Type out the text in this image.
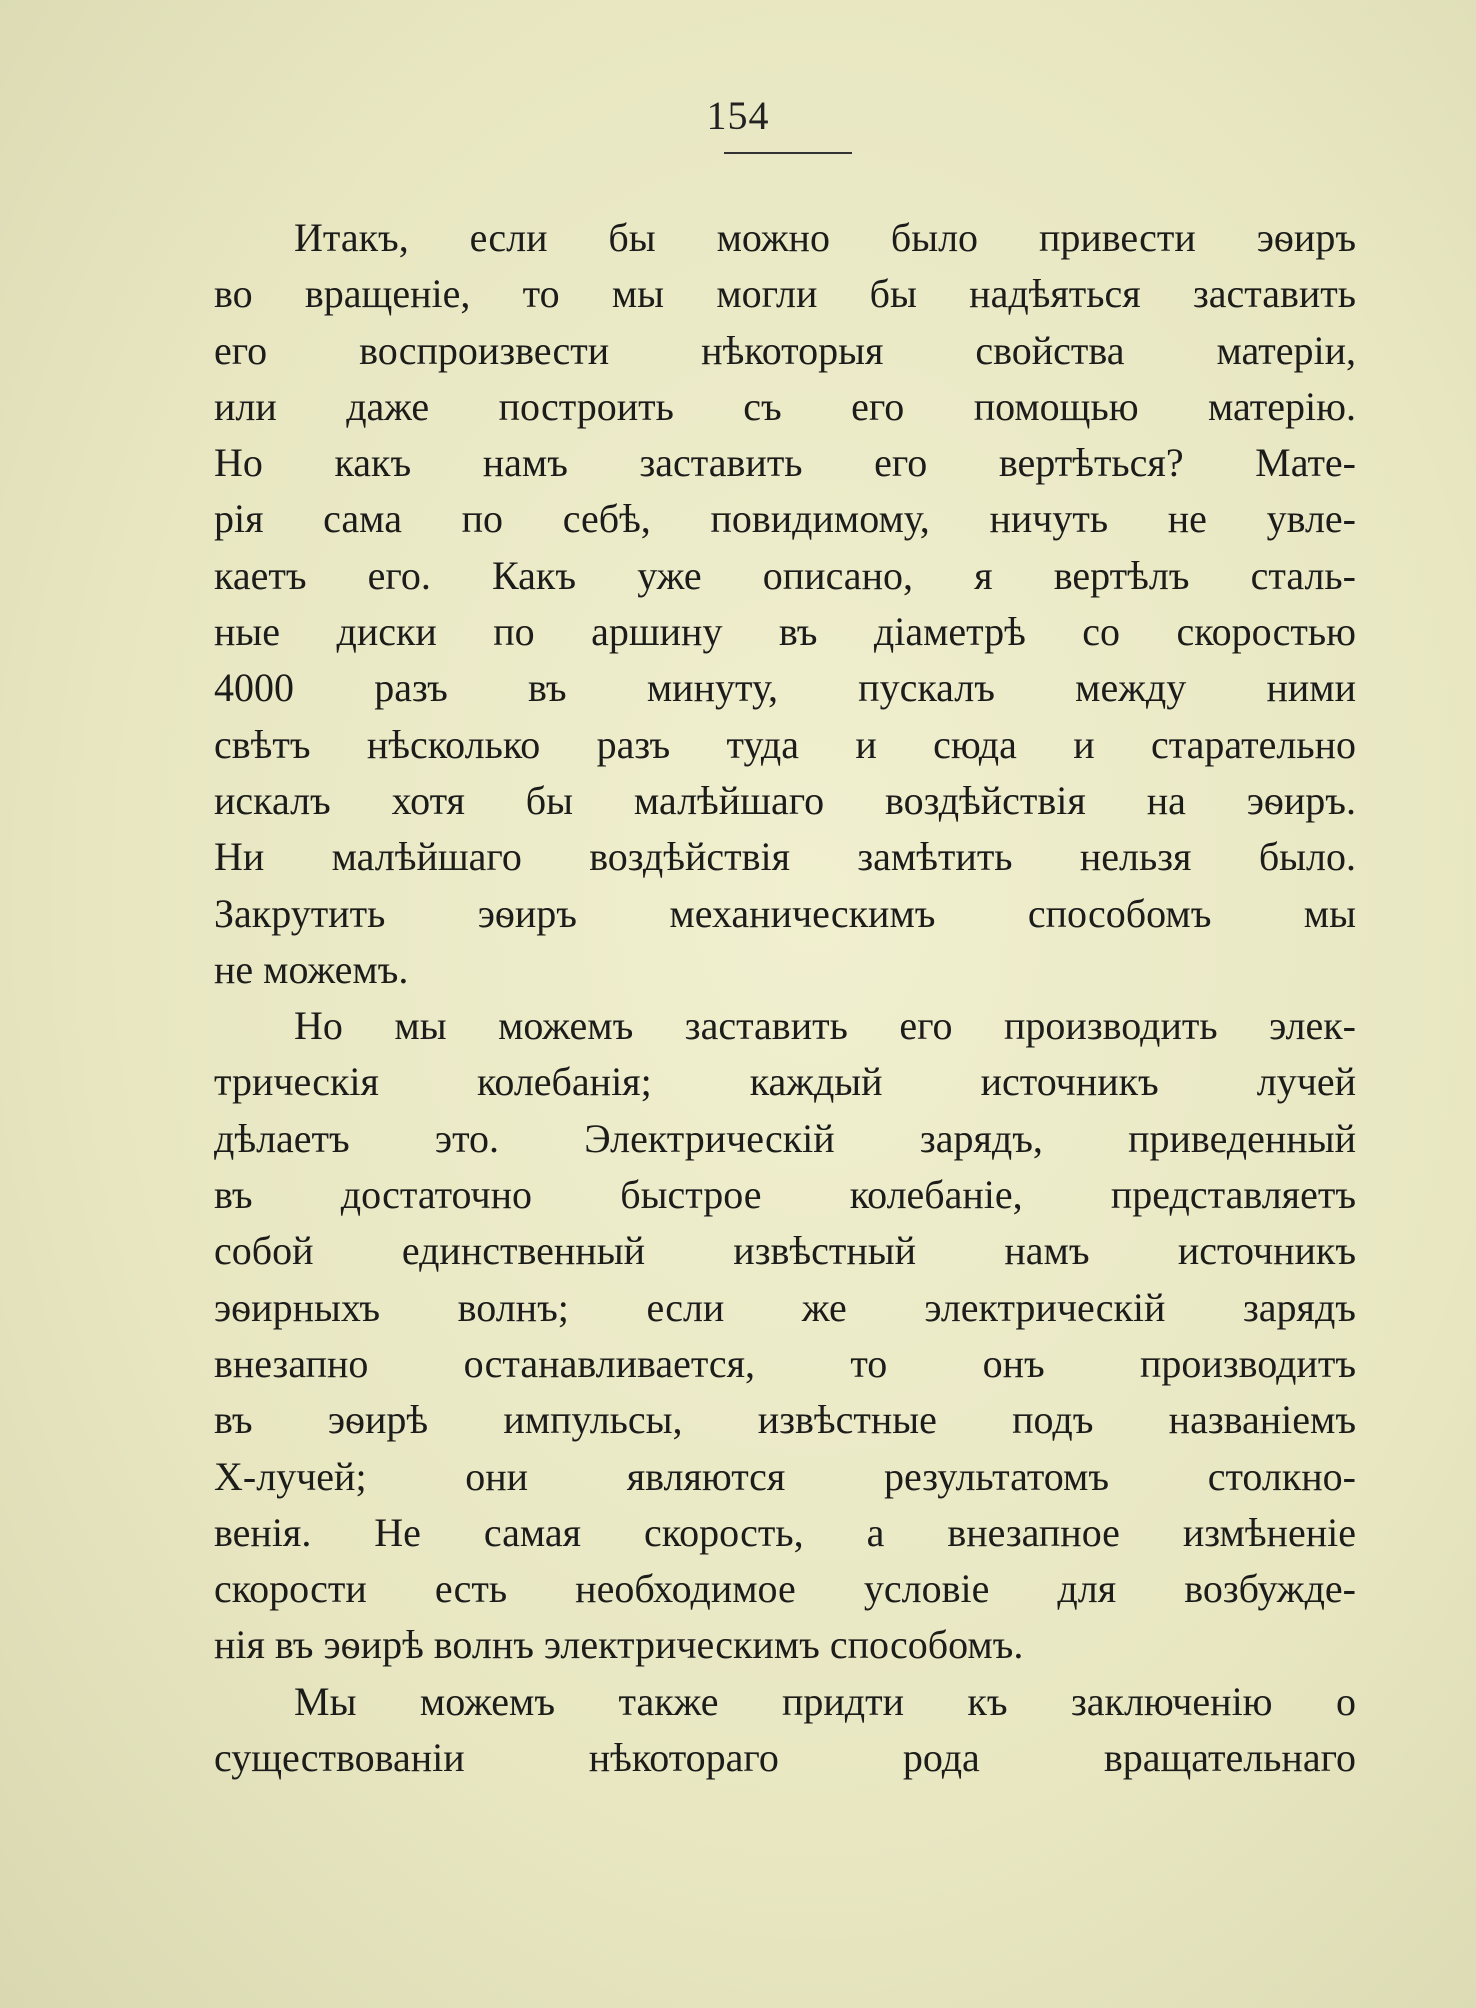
154
Итакъ, если бы можно было привести эѳиръ
во вращеніе, то мы могли бы надѣяться заставить
его воспроизвести нѣкоторыя свойства матеріи,
или даже построить съ его помощью матерію.
Но какъ намъ заставить его вертѣться? Мате-
рія сама по себѣ, повидимому, ничуть не увле-
каетъ его. Какъ уже описано, я вертѣлъ сталь-
ные диски по аршину въ діаметрѣ со скоростью
4000 разъ въ минуту, пускалъ между ними
свѣтъ нѣсколько разъ туда и сюда и старательно
искалъ хотя бы малѣйшаго воздѣйствія на эѳиръ.
Ни малѣйшаго воздѣйствія замѣтить нельзя было.
Закрутить эѳиръ механическимъ способомъ мы
не можемъ.
Но мы можемъ заставить его производить элек-
трическія колебанія; каждый источникъ лучей
дѣлаетъ это. Электрическій зарядъ, приведенный
въ достаточно быстрое колебаніе, представляетъ
собой единственный извѣстный намъ источникъ
эѳирныхъ волнъ; если же электрическій зарядъ
внезапно останавливается, то онъ производитъ
въ эѳирѣ импульсы, извѣстные подъ названіемъ
X-лучей; они являются результатомъ столкно-
венія. Не самая скорость, а внезапное измѣненіе
скорости есть необходимое условіе для возбужде-
нія въ эѳирѣ волнъ электрическимъ способомъ.
Мы можемъ также придти къ заключенію о
существованіи нѣкотораго рода вращательнаго
